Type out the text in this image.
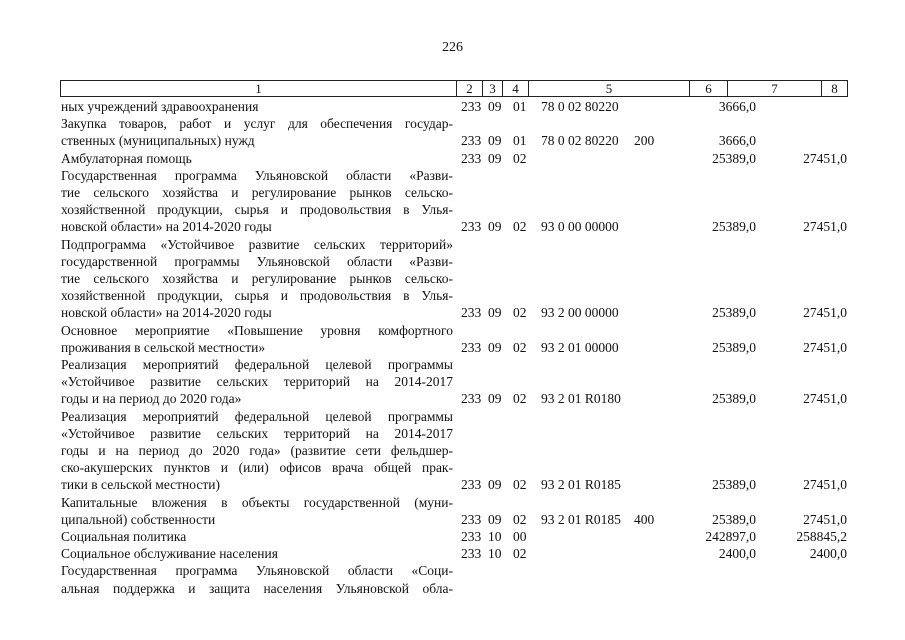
226
1	2	3	4	5	6	7	8
ных учреждений здравоохранения	233 09 01 78 0 02 80220	3666,0
Закупка товаров, работ и услуг для обеспечения государ-
ственных (муниципальных) нужд	233 09 01 78 0 02 80220 200	3666,0
Амбулаторная помощь	233 09 02	25389,0	27451,0
Государственная программа Ульяновской области «Разви-
тие сельского хозяйства и регулирование рынков сельско-
хозяйственной продукции, сырья и продовольствия в Улья-
новской области» на 2014-2020 годы	233 09 02 93 0 00 00000	25389,0	27451,0
Подпрограмма «Устойчивое развитие сельских территорий»
государственной программы Ульяновской области «Разви-
тие сельского хозяйства и регулирование рынков сельско-
хозяйственной продукции, сырья и продовольствия в Улья-
новской области» на 2014-2020 годы	233 09 02 93 2 00 00000	25389,0	27451,0
Основное мероприятие «Повышение уровня комфортного
проживания в сельской местности»	233 09 02 93 2 01 00000	25389,0	27451,0
Реализация мероприятий федеральной целевой программы
«Устойчивое развитие сельских территорий на 2014-2017
годы и на период до 2020 года»	233 09 02 93 2 01 R0180	25389,0	27451,0
Реализация мероприятий федеральной целевой программы
«Устойчивое развитие сельских территорий на 2014-2017
годы и на период до 2020 года» (развитие сети фельдшер-
ско-акушерских пунктов и (или) офисов врача общей прак-
тики в сельской местности)	233 09 02 93 2 01 R0185	25389,0	27451,0
Капитальные вложения в объекты государственной (муни-
ципальной) собственности	233 09 02 93 2 01 R0185 400	25389,0	27451,0
Социальная политика	233 10 00	242897,0	258845,2
Социальное обслуживание населения	233 10 02	2400,0	2400,0
Государственная программа Ульяновской области «Соци-
альная поддержка и защита населения Ульяновской обла-
